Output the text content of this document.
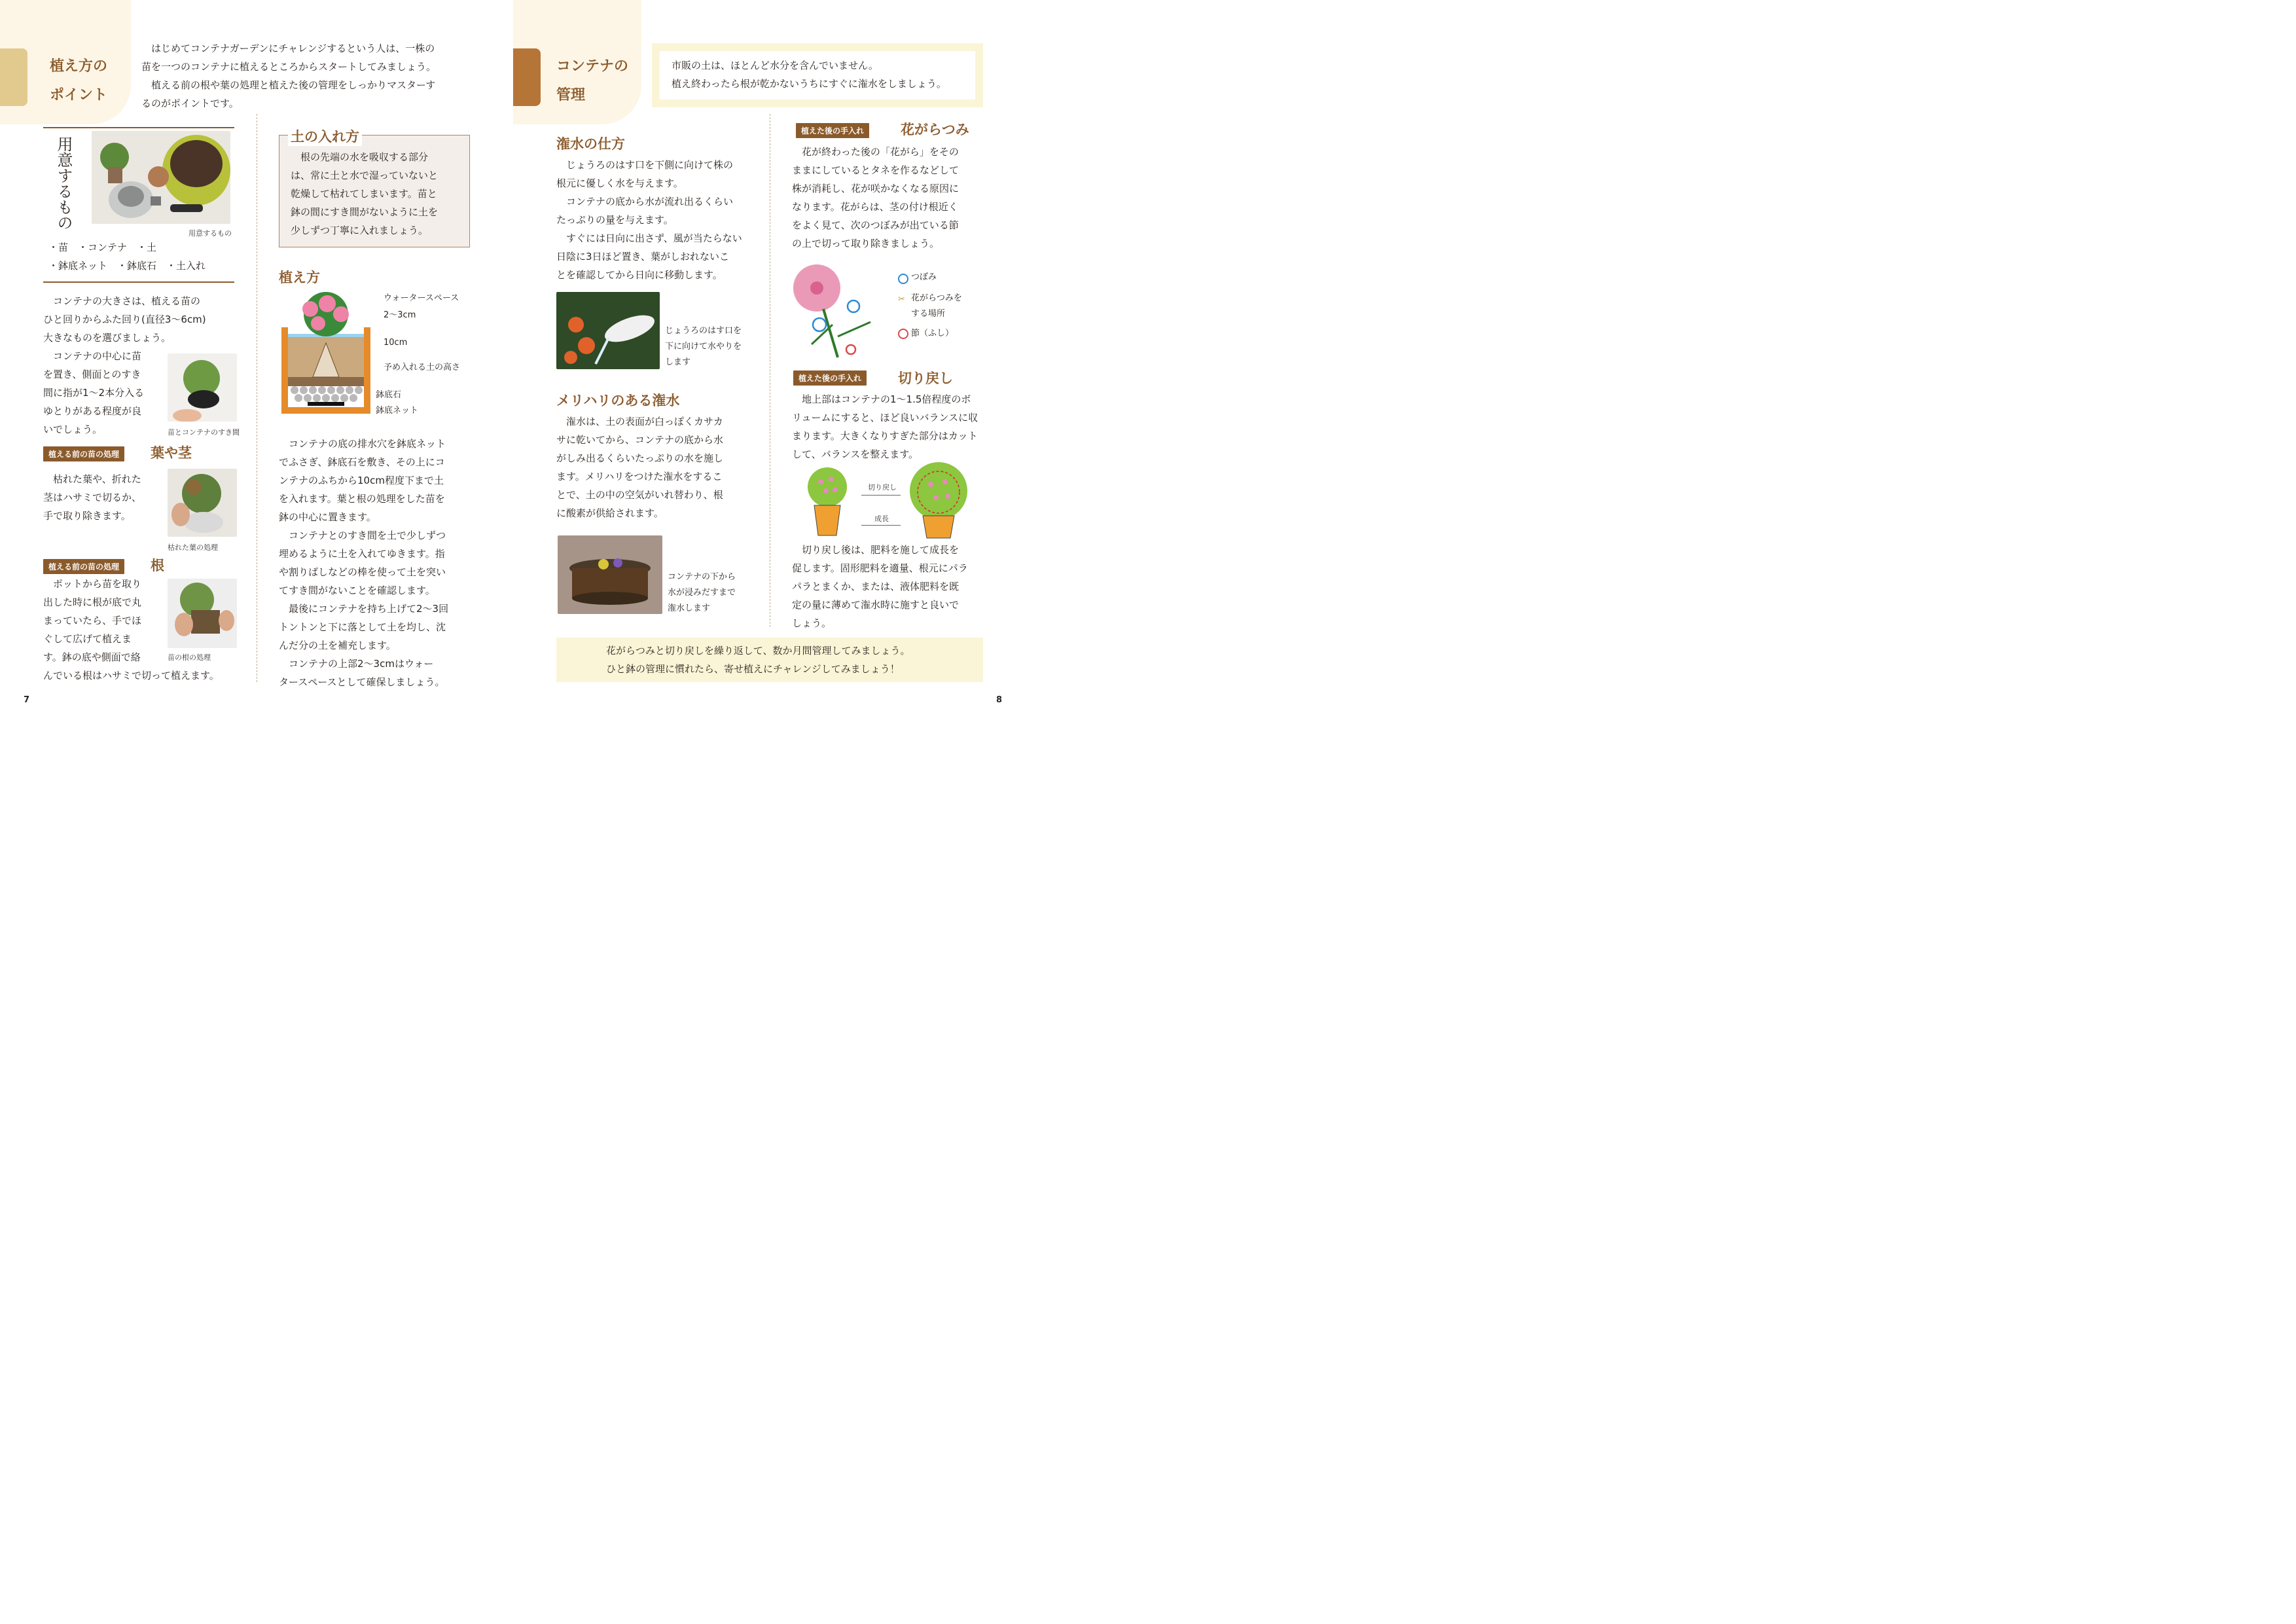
植え方の
ポイント
はじめてコンテナガーデンにチャレンジするという人は、一株の
苗を一つのコンテナに植えるところからスタートしてみましょう。
植える前の根や葉の処理と植えた後の管理をしっかりマスターす
るのがポイントです。
用意するもの
用意するもの
・苗　・コンテナ　・土
・鉢底ネット　・鉢底石　・土入れ
コンテナの大きさは、植える苗の
ひと回りからふた回り(直径3～6cm)
大きなものを選びましょう。
コンテナの中心に苗
を置き、側面とのすき
間に指が1～2本分入る
ゆとりがある程度が良
いでしょう。	苗とコンテナのすき間
植える前の苗の処理	葉や茎
枯れた葉や、折れた
茎はハサミで切るか、
手で取り除きます。
枯れた葉の処理
植える前の苗の処理	根
ポットから苗を取り
出した時に根が底で丸
まっていたら、手でほ
ぐして広げて植えま
す。鉢の底や側面で絡
んでいる根はハサミで切って植えます。
苗の根の処理
土の入れ方
根の先端の水を吸収する部分
は、常に土と水で湿っていないと
乾燥して枯れてしまいます。苗と
鉢の間にすき間がないように土を
少しずつ丁寧に入れましょう。
植え方
ウォータースペース
2～3cm
10cm
予め入れる土の高さ
鉢底石
鉢底ネット
コンテナの底の排水穴を鉢底ネット
でふさぎ、鉢底石を敷き、その上にコ
ンテナのふちから10cm程度下まで土
を入れます。葉と根の処理をした苗を
鉢の中心に置きます。
コンテナとのすき間を土で少しずつ
埋めるように土を入れてゆきます。指
や割りばしなどの棒を使って土を突い
てすき間がないことを確認します。
最後にコンテナを持ち上げて2～3回
トントンと下に落として土を均し、沈
んだ分の土を補充します。
コンテナの上部2～3cmはウォー
タースペースとして確保しましょう。
7
コンテナの
管理
市販の土は、ほとんど水分を含んでいません。
植え終わったら根が乾かないうちにすぐに潅水をしましょう。
潅水の仕方
じょうろのはす口を下側に向けて株の
根元に優しく水を与えます。
コンテナの底から水が流れ出るくらい
たっぷりの量を与えます。
すぐには日向に出さず、風が当たらない
日陰に3日ほど置き、葉がしおれないこ
とを確認してから日向に移動します。
じょうろのはす口を
下に向けて水やりを
します
メリハリのある潅水
潅水は、土の表面が白っぽくカサカ
サに乾いてから、コンテナの底から水
がしみ出るくらいたっぷりの水を施し
ます。メリハリをつけた潅水をするこ
とで、土の中の空気がいれ替わり、根
に酸素が供給されます。
コンテナの下から
水が浸みだすまで
潅水します
植えた後の手入れ	花がらつみ
花が終わった後の「花がら」をその
ままにしているとタネを作るなどして
株が消耗し、花が咲かなくなる原因に
なります。花がらは、茎の付け根近く
をよく見て、次のつぼみが出ている節
の上で切って取り除きましょう。
つぼみ
✂ 花がらつみを
する場所
節（ふし）
植えた後の手入れ	切り戻し
地上部はコンテナの1～1.5倍程度のボ
リュームにすると、ほど良いバランスに収
まります。大きくなりすぎた部分はカット
して、バランスを整えます。
切り戻し
成長
切り戻し後は、肥料を施して成長を
促します。固形肥料を適量、根元にパラ
パラとまくか、または、液体肥料を既
定の量に薄めて潅水時に施すと良いで
しょう。
花がらつみと切り戻しを繰り返して、数か月間管理してみましょう。
ひと鉢の管理に慣れたら、寄せ植えにチャレンジしてみましょう！
8
